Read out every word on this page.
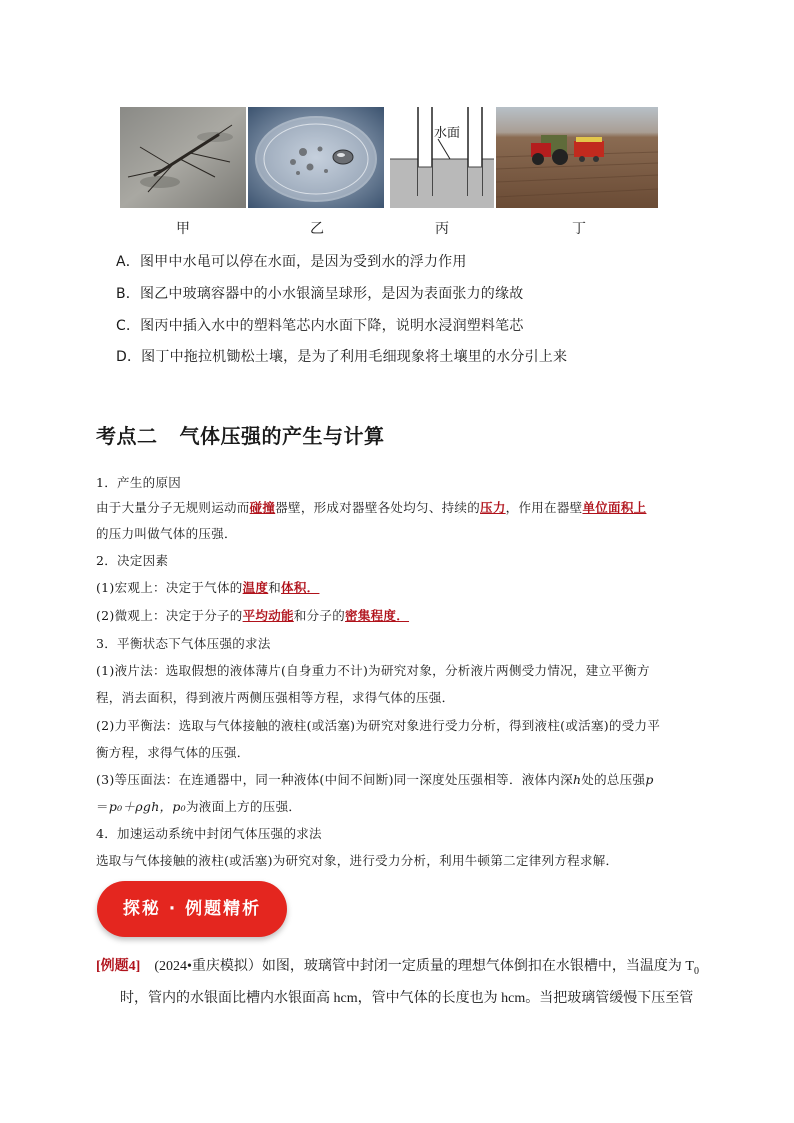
水面
甲	乙	丙	丁
A．图甲中水黾可以停在水面，是因为受到水的浮力作用
B．图乙中玻璃容器中的小水银滴呈球形，是因为表面张力的缘故
C．图丙中插入水中的塑料笔芯内水面下降，说明水浸润塑料笔芯
D．图丁中拖拉机锄松土壤，是为了利用毛细现象将土壤里的水分引上来
考点二 气体压强的产生与计算
1．产生的原因
由于大量分子无规则运动而碰撞器壁，形成对器壁各处均匀、持续的压力，作用在器壁单位面积上
的压力叫做气体的压强．
2．决定因素
(1)宏观上：决定于气体的温度和体积．
(2)微观上：决定于分子的平均动能和分子的密集程度．
3．平衡状态下气体压强的求法
(1)液片法：选取假想的液体薄片(自身重力不计)为研究对象，分析液片两侧受力情况，建立平衡方
程，消去面积，得到液片两侧压强相等方程，求得气体的压强．
(2)力平衡法：选取与气体接触的液柱(或活塞)为研究对象进行受力分析，得到液柱(或活塞)的受力平
衡方程，求得气体的压强．
(3)等压面法：在连通器中，同一种液体(中间不间断)同一深度处压强相等．液体内深h处的总压强p
＝p₀＋ρgh，p₀为液面上方的压强．
4．加速运动系统中封闭气体压强的求法
选取与气体接触的液柱(或活塞)为研究对象，进行受力分析，利用牛顿第二定律列方程求解．
探秘 · 例题精析
[例题4]　(2024•重庆模拟）如图，玻璃管中封闭一定质量的理想气体倒扣在水银槽中，当温度为 $T_0$
时，管内的水银面比槽内水银面高 hcm，管中气体的长度也为 hcm。当把玻璃管缓慢下压至管
